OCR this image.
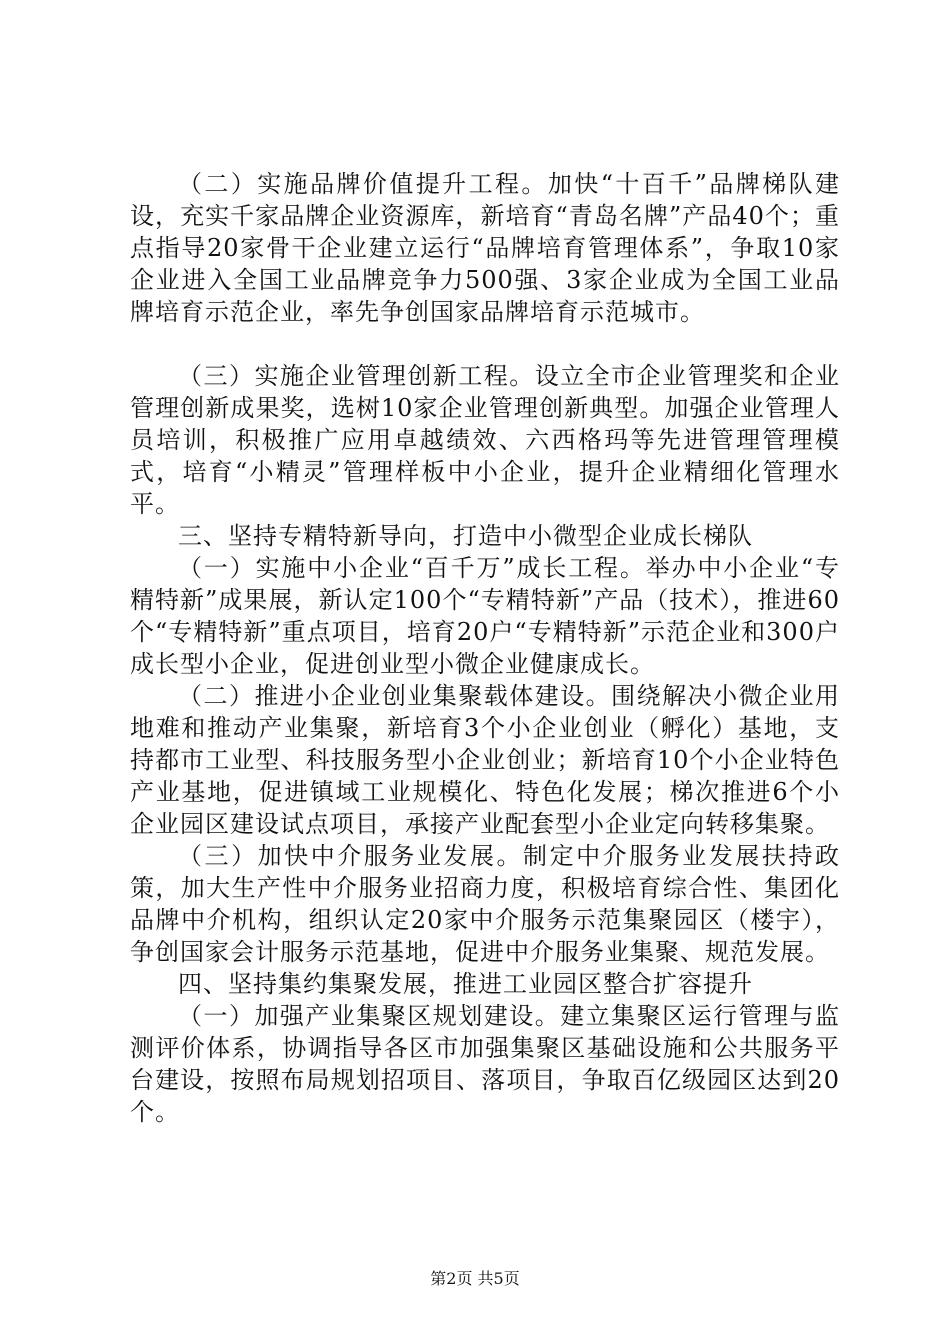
（二）实施品牌价值提升工程。加快“十百千”品牌梯队建设，充实千家品牌企业资源库，新培育“青岛名牌”产品40个；重点指导20家骨干企业建立运行“品牌培育管理体系”，争取10家企业进入全国工业品牌竞争力500强、3家企业成为全国工业品牌培育示范企业，率先争创国家品牌培育示范城市。

（三）实施企业管理创新工程。设立全市企业管理奖和企业管理创新成果奖，选树10家企业管理创新典型。加强企业管理人员培训，积极推广应用卓越绩效、六西格玛等先进管理管理模式，培育“小精灵”管理样板中小企业，提升企业精细化管理水平。

三、坚持专精特新导向，打造中小微型企业成长梯队

（一）实施中小企业“百千万”成长工程。举办中小企业“专精特新”成果展，新认定100个“专精特新”产品（技术），推进60个“专精特新”重点项目，培育20户“专精特新”示范企业和300户成长型小企业，促进创业型小微企业健康成长。

（二）推进小企业创业集聚载体建设。围绕解决小微企业用地难和推动产业集聚，新培育3个小企业创业（孵化）基地，支持都市工业型、科技服务型小企业创业；新培育10个小企业特色产业基地，促进镇域工业规模化、特色化发展；梯次推进6个小企业园区建设试点项目，承接产业配套型小企业定向转移集聚。

（三）加快中介服务业发展。制定中介服务业发展扶持政策，加大生产性中介服务业招商力度，积极培育综合性、集团化品牌中介机构，组织认定20家中介服务示范集聚园区（楼宇），争创国家会计服务示范基地，促进中介服务业集聚、规范发展。

四、坚持集约集聚发展，推进工业园区整合扩容提升

（一）加强产业集聚区规划建设。建立集聚区运行管理与监测评价体系，协调指导各区市加强集聚区基础设施和公共服务平台建设，按照布局规划招项目、落项目，争取百亿级园区达到20个。

第2页 共5页
